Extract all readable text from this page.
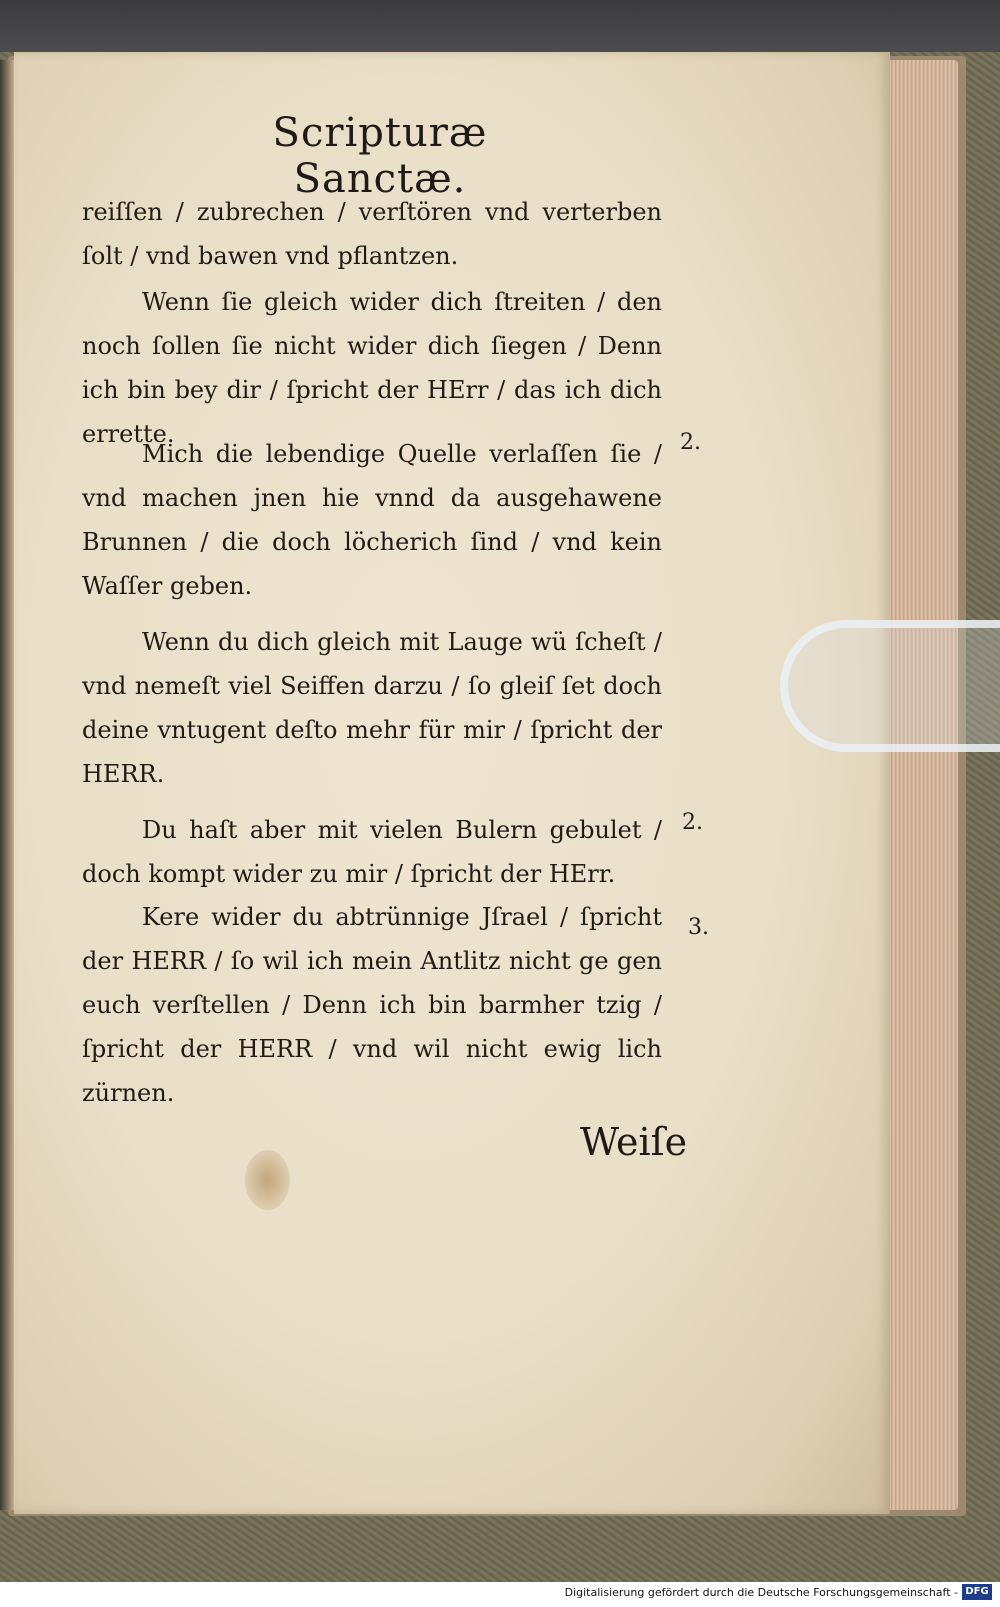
Scripturæ Sanctæ.
reiſſen / zubrechen / verſtören vnd verterben ſolt / vnd bawen vnd pflantzen.
Wenn ſie gleich wider dich ſtreiten / den noch ſollen ſie nicht wider dich ſiegen / Denn ich bin bey dir / ſpricht der HErr / das ich dich errette.
Mich die lebendige Quelle verlaſſen ſie / vnd machen jnen hie vnnd da ausgehawene Brunnen / die doch löcherich ſind / vnd kein Waſſer geben.
Wenn du dich gleich mit Lauge wü ſcheſt / vnd nemeſt viel Seiffen darzu / ſo gleiſ ſet doch deine vntugent deſto mehr für mir / ſpricht der HERR.
Du haſt aber mit vielen Bulern gebulet / doch kompt wider zu mir / ſpricht der HErr.
Kere wider du abtrünnige Jſrael / ſpricht der HERR / ſo wil ich mein Antlitz nicht ge gen euch verſtellen / Denn ich bin barmher tzig / ſpricht der HERR / vnd wil nicht ewig lich zürnen.
2.
2.
3.
Weiſe
Digitalisierung gefördert durch die Deutsche Forschungsgemeinschaft - DFG
